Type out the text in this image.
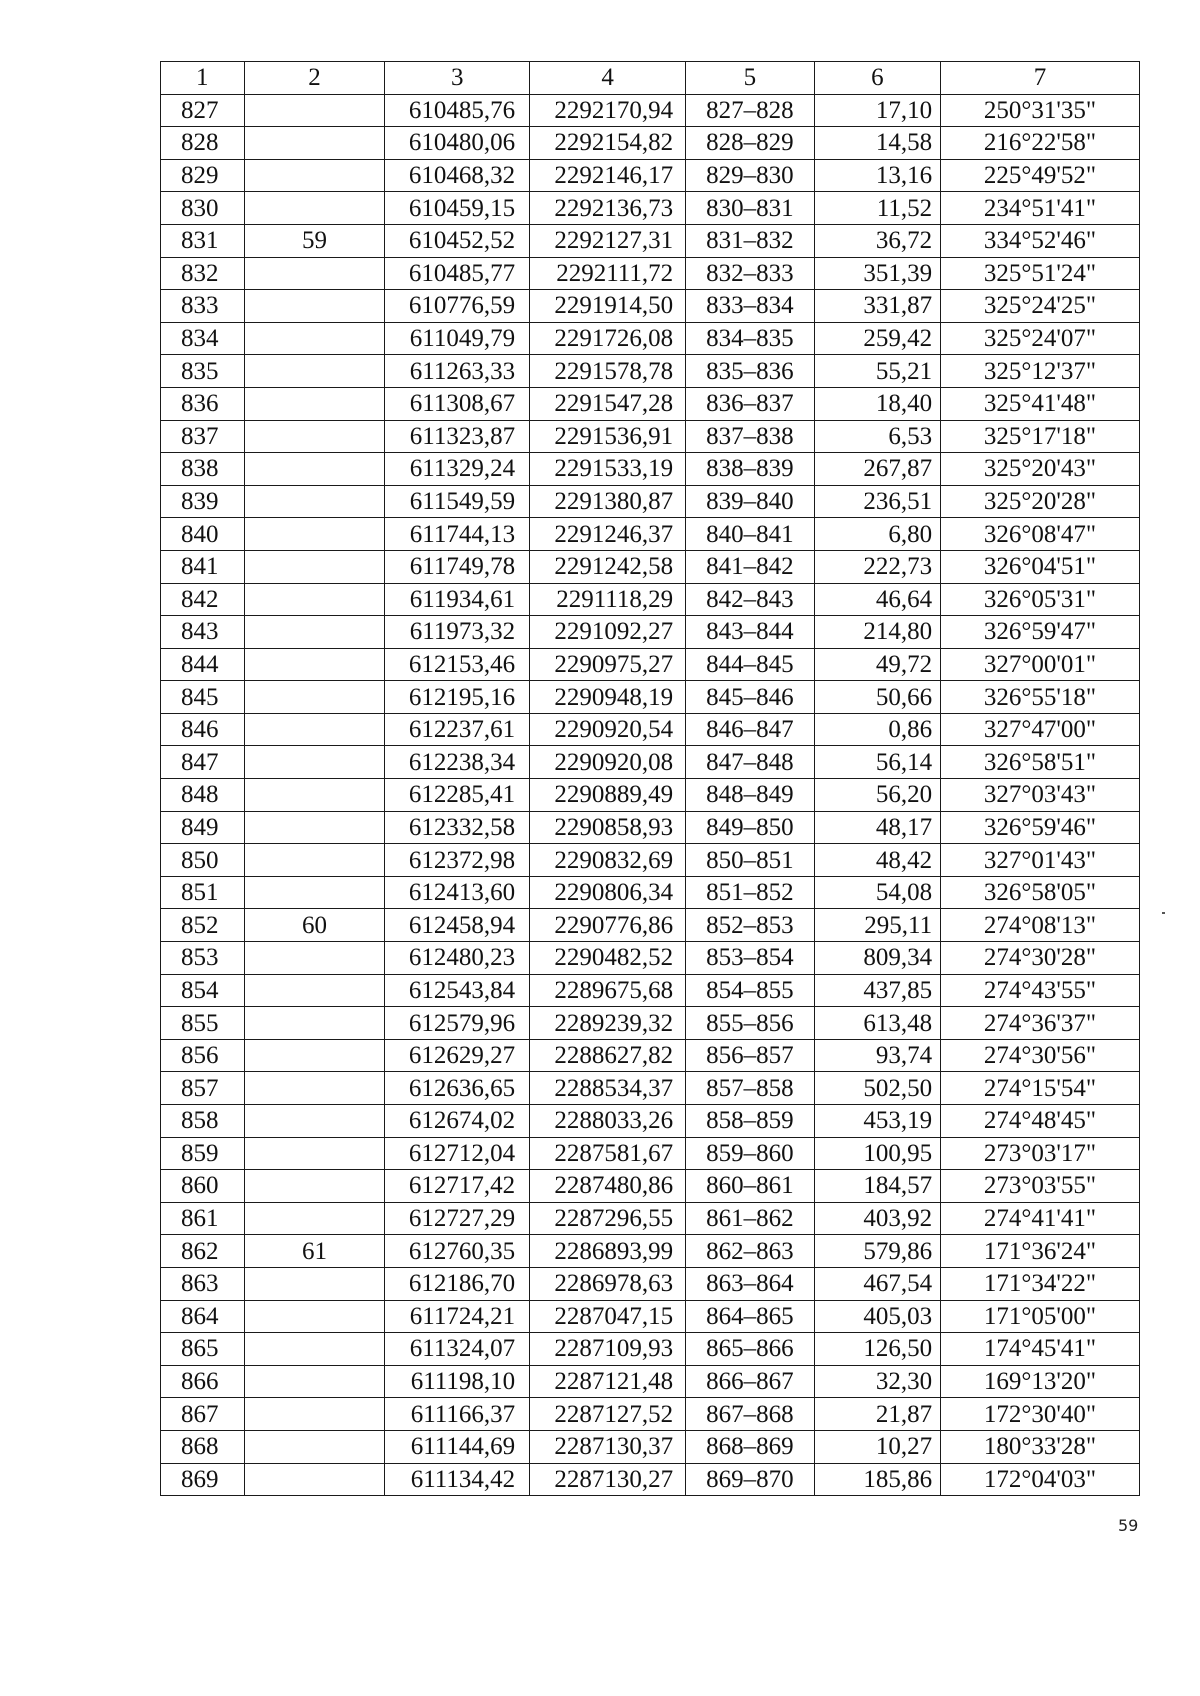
1	2	3	4	5	6	7
827		610485,76	2292170,94	827–828	17,10	250°31'35"
828		610480,06	2292154,82	828–829	14,58	216°22'58"
829		610468,32	2292146,17	829–830	13,16	225°49'52"
830		610459,15	2292136,73	830–831	11,52	234°51'41"
831	59	610452,52	2292127,31	831–832	36,72	334°52'46"
832		610485,77	2292111,72	832–833	351,39	325°51'24"
833		610776,59	2291914,50	833–834	331,87	325°24'25"
834		611049,79	2291726,08	834–835	259,42	325°24'07"
835		611263,33	2291578,78	835–836	55,21	325°12'37"
836		611308,67	2291547,28	836–837	18,40	325°41'48"
837		611323,87	2291536,91	837–838	6,53	325°17'18"
838		611329,24	2291533,19	838–839	267,87	325°20'43"
839		611549,59	2291380,87	839–840	236,51	325°20'28"
840		611744,13	2291246,37	840–841	6,80	326°08'47"
841		611749,78	2291242,58	841–842	222,73	326°04'51"
842		611934,61	2291118,29	842–843	46,64	326°05'31"
843		611973,32	2291092,27	843–844	214,80	326°59'47"
844		612153,46	2290975,27	844–845	49,72	327°00'01"
845		612195,16	2290948,19	845–846	50,66	326°55'18"
846		612237,61	2290920,54	846–847	0,86	327°47'00"
847		612238,34	2290920,08	847–848	56,14	326°58'51"
848		612285,41	2290889,49	848–849	56,20	327°03'43"
849		612332,58	2290858,93	849–850	48,17	326°59'46"
850		612372,98	2290832,69	850–851	48,42	327°01'43"
851		612413,60	2290806,34	851–852	54,08	326°58'05"
852	60	612458,94	2290776,86	852–853	295,11	274°08'13"
853		612480,23	2290482,52	853–854	809,34	274°30'28"
854		612543,84	2289675,68	854–855	437,85	274°43'55"
855		612579,96	2289239,32	855–856	613,48	274°36'37"
856		612629,27	2288627,82	856–857	93,74	274°30'56"
857		612636,65	2288534,37	857–858	502,50	274°15'54"
858		612674,02	2288033,26	858–859	453,19	274°48'45"
859		612712,04	2287581,67	859–860	100,95	273°03'17"
860		612717,42	2287480,86	860–861	184,57	273°03'55"
861		612727,29	2287296,55	861–862	403,92	274°41'41"
862	61	612760,35	2286893,99	862–863	579,86	171°36'24"
863		612186,70	2286978,63	863–864	467,54	171°34'22"
864		611724,21	2287047,15	864–865	405,03	171°05'00"
865		611324,07	2287109,93	865–866	126,50	174°45'41"
866		611198,10	2287121,48	866–867	32,30	169°13'20"
867		611166,37	2287127,52	867–868	21,87	172°30'40"
868		611144,69	2287130,37	868–869	10,27	180°33'28"
869		611134,42	2287130,27	869–870	185,86	172°04'03"
59
